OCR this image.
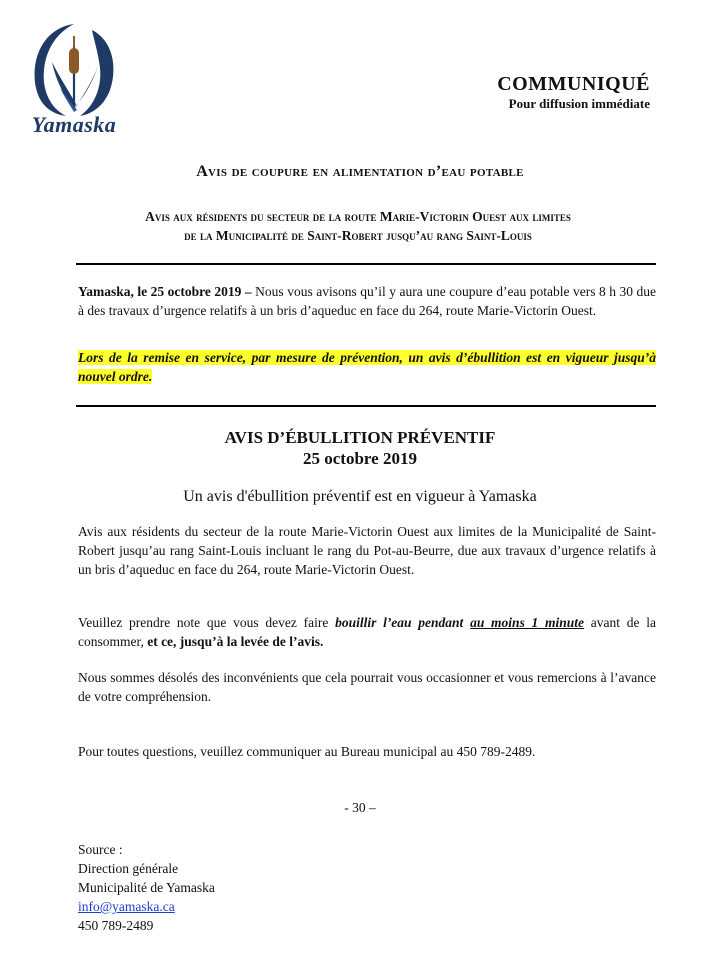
Yamaska
COMMUNIQUÉ
Pour diffusion immédiate
Avis de coupure en alimentation d’eau potable
Avis aux résidents du secteur de la route Marie-Victorin Ouest aux limites
de la Municipalité de Saint-Robert jusqu’au rang Saint-Louis
Yamaska, le 25 octobre 2019 – Nous vous avisons qu’il y aura une coupure d’eau potable vers 8 h 30 due à des travaux d’urgence relatifs à un bris d’aqueduc en face du 264, route Marie-Victorin Ouest.
Lors de la remise en service, par mesure de prévention, un avis d’ébullition est en vigueur jusqu’à nouvel ordre.
AVIS D’ÉBULLITION PRÉVENTIF
25 octobre 2019
Un avis d'ébullition préventif est en vigueur à Yamaska
Avis aux résidents du secteur de la route Marie-Victorin Ouest aux limites de la Municipalité de Saint-Robert jusqu’au rang Saint-Louis incluant le rang du Pot-au-Beurre, due aux travaux d’urgence relatifs à un bris d’aqueduc en face du 264, route Marie-Victorin Ouest.
Veuillez prendre note que vous devez faire bouillir l’eau pendant au moins 1 minute avant de la consommer, et ce, jusqu’à la levée de l’avis.
Nous sommes désolés des inconvénients que cela pourrait vous occasionner et vous remercions à l’avance de votre compréhension.
Pour toutes questions, veuillez communiquer au Bureau municipal au 450 789-2489.
- 30 –
Source :
Direction générale
Municipalité de Yamaska
info@yamaska.ca
450 789-2489
